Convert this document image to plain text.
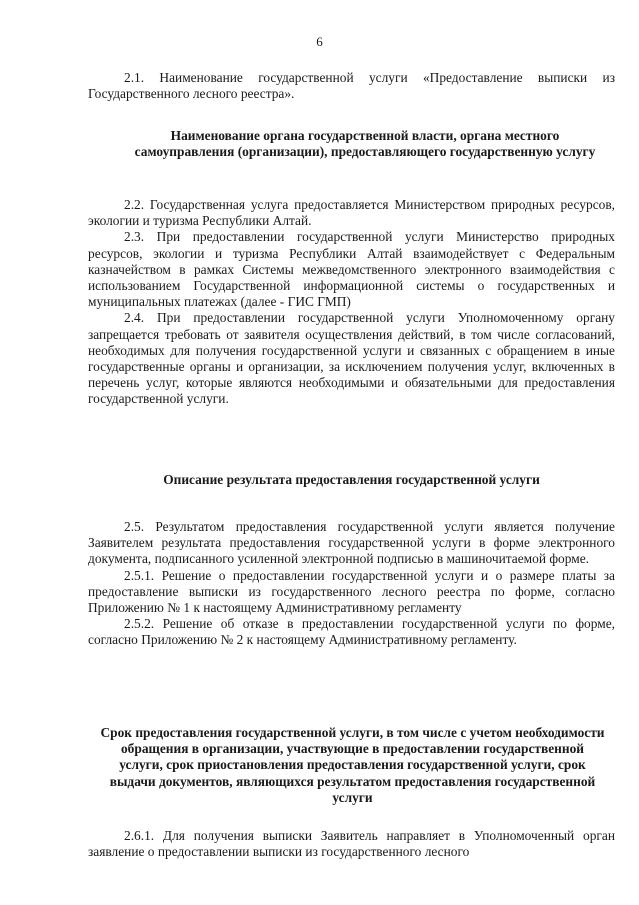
6

2.1. Наименование государственной услуги «Предоставление выписки из Государственного лесного реестра».

Наименование органа государственной власти, органа местного самоуправления (организации), предоставляющего государственную услугу

2.2. Государственная услуга предоставляется Министерством природных ресурсов, экологии и туризма Республики Алтай.

2.3. При предоставлении государственной услуги Министерство природных ресурсов, экологии и туризма Республики Алтай взаимодействует с Федеральным казначейством в рамках Системы межведомственного электронного взаимодействия с использованием Государственной информационной системы о государственных и муниципальных платежах (далее - ГИС ГМП)

2.4. При предоставлении государственной услуги Уполномоченному органу запрещается требовать от заявителя осуществления действий, в том числе согласований, необходимых для получения государственной услуги и связанных с обращением в иные государственные органы и организации, за исключением получения услуг, включенных в перечень услуг, которые являются необходимыми и обязательными для предоставления государственной услуги.

Описание результата предоставления государственной услуги

2.5. Результатом предоставления государственной услуги является получение Заявителем результата предоставления государственной услуги в форме электронного документа, подписанного усиленной электронной подписью в машиночитаемой форме.

2.5.1. Решение о предоставлении государственной услуги и о размере платы за предоставление выписки из государственного лесного реестра по форме, согласно Приложению № 1 к настоящему Административному регламенту

2.5.2. Решение об отказе в предоставлении государственной услуги по форме, согласно Приложению № 2 к настоящему Административному регламенту.

Срок предоставления государственной услуги, в том числе с учетом необходимости обращения в организации, участвующие в предоставлении государственной услуги, срок приостановления предоставления государственной услуги, срок выдачи документов, являющихся результатом предоставления государственной услуги

2.6.1. Для получения выписки Заявитель направляет в Уполномоченный орган заявление о предоставлении выписки из государственного лесного
